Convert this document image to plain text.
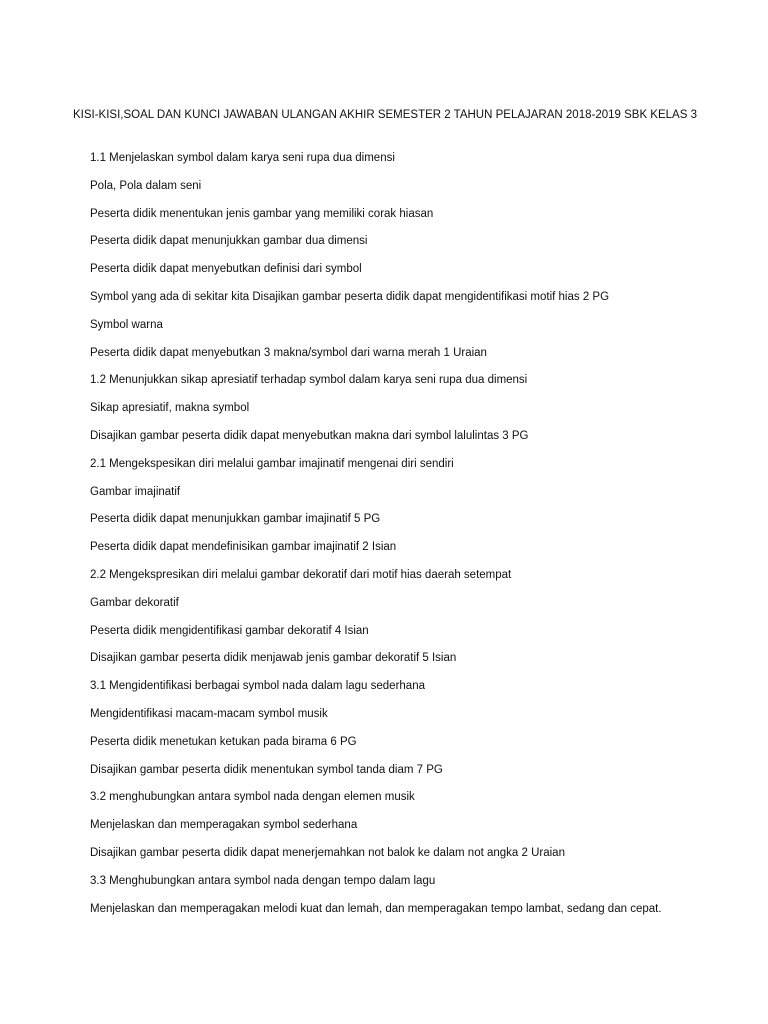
KISI-KISI,SOAL DAN KUNCI JAWABAN ULANGAN AKHIR SEMESTER 2 TAHUN PELAJARAN 2018-2019 SBK KELAS 3

1.1 Menjelaskan symbol dalam karya seni rupa dua dimensi
Pola, Pola dalam seni
Peserta didik menentukan jenis gambar yang memiliki corak hiasan
Peserta didik dapat menunjukkan gambar dua dimensi
Peserta didik dapat menyebutkan definisi dari symbol
Symbol yang ada di sekitar kita Disajikan gambar peserta didik dapat mengidentifikasi motif hias 2 PG
Symbol warna
Peserta didik dapat menyebutkan 3 makna/symbol dari warna merah 1 Uraian
1.2 Menunjukkan sikap apresiatif terhadap symbol dalam karya seni rupa dua dimensi
Sikap apresiatif, makna symbol
Disajikan gambar peserta didik dapat menyebutkan makna dari symbol lalulintas 3 PG
2.1 Mengekspesikan diri melalui gambar imajinatif mengenai diri sendiri
Gambar imajinatif
Peserta didik dapat menunjukkan gambar imajinatif 5 PG
Peserta didik dapat mendefinisikan gambar imajinatif 2 Isian
2.2 Mengekspresikan diri melalui gambar dekoratif dari motif hias daerah setempat
Gambar dekoratif
Peserta didik mengidentifikasi gambar dekoratif 4 Isian
Disajikan gambar peserta didik menjawab jenis gambar dekoratif 5 Isian
3.1 Mengidentifikasi berbagai symbol nada dalam lagu sederhana
Mengidentifikasi macam-macam symbol musik
Peserta didik menetukan ketukan pada birama 6 PG
Disajikan gambar peserta didik menentukan symbol tanda diam 7 PG
3.2 menghubungkan antara symbol nada dengan elemen musik
Menjelaskan dan memperagakan symbol sederhana
Disajikan gambar peserta didik dapat menerjemahkan not balok ke dalam not angka 2 Uraian
3.3 Menghubungkan antara symbol nada dengan tempo dalam lagu
Menjelaskan dan memperagakan melodi kuat dan lemah, dan memperagakan tempo lambat, sedang dan cepat.
